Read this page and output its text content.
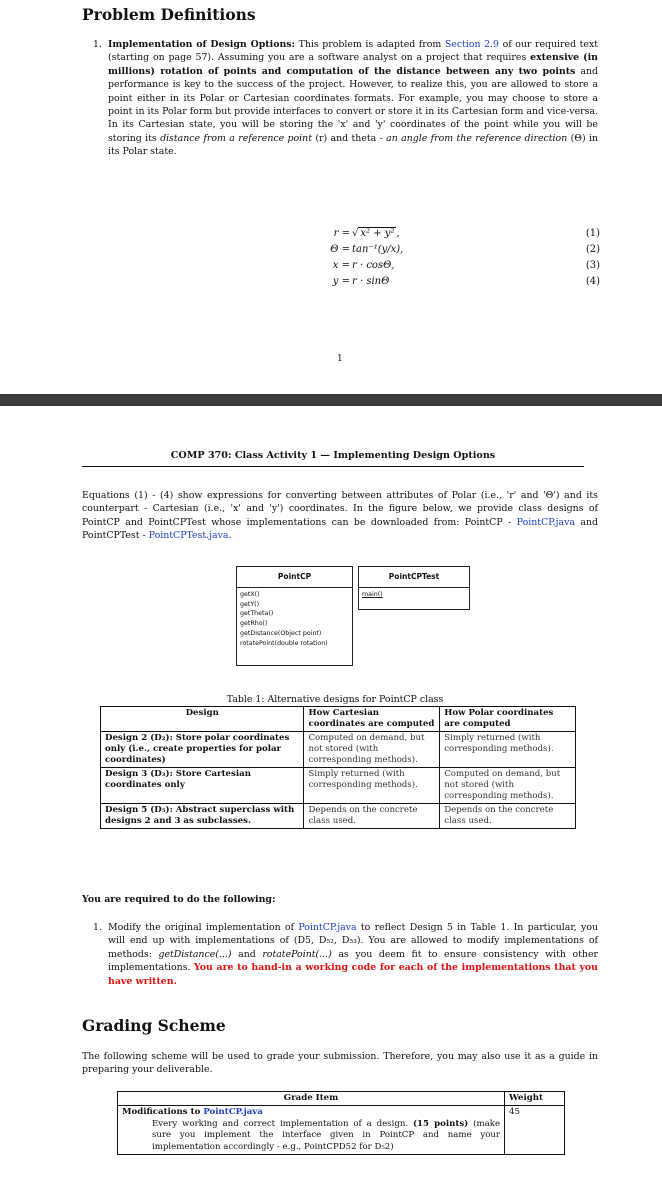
Problem Definitions
1. Implementation of Design Options: This problem is adapted from Section 2.9 of our required text (starting on page 57). Assuming you are a software analyst on a project that requires extensive (in millions) rotation of points and computation of the distance between any two points and performance is key to the success of the project. However, to realize this, you are allowed to store a point either in its Polar or Cartesian coordinates formats. For example, you may choose to store a point in its Polar form but provide interfaces to convert or store it in its Cartesian form and vice-versa. In its Cartesian state, you will be storing the 'x' and 'y' coordinates of the point while you will be storing its distance from a reference point (r) and theta - an angle from the reference direction (Θ) in its Polar state.
r = √ x² + y² ,	(1)
Θ = tan⁻¹(y/x),	(2)
x = r · cosΘ,	(3)
y = r · sinΘ	(4)
1
COMP 370: Class Activity 1 — Implementing Design Options
Equations (1) - (4) show expressions for converting between attributes of Polar (i.e., 'r' and 'Θ') and its counterpart - Cartesian (i.e., 'x' and 'y') coordinates. In the figure below, we provide class designs of PointCP and PointCPTest whose implementations can be downloaded from: PointCP - PointCP.java and PointCPTest - PointCPTest.java.
PointCP
getX()
getY()
getTheta()
getRho()
getDistance(Object point)
rotatePoint(double rotation)
PointCPTest
main()
Table 1: Alternative designs for PointCP class
Design	How Cartesian coordinates are computed	How Polar coordinates are computed
Design 2 (D₂): Store polar coordinates only (i.e., create properties for polar coordinates)	Computed on demand, but not stored (with corresponding methods).	Simply returned (with corresponding methods).
Design 3 (D₃): Store Cartesian coordinates only	Simply returned (with corresponding methods).	Computed on demand, but not stored (with corresponding methods).
Design 5 (D₅): Abstract superclass with designs 2 and 3 as subclasses.	Depends on the concrete class used.	Depends on the concrete class used.
You are required to do the following:
1. Modify the original implementation of PointCP.java to reflect Design 5 in Table 1. In particular, you will end up with implementations of (D5, D₅₂, D₅₃). You are allowed to modify implementations of methods: getDistance(...) and rotatePoint(...) as you deem fit to ensure consistency with other implementations. You are to hand-in a working code for each of the implementations that you have written.
Grading Scheme
The following scheme will be used to grade your submission. Therefore, you may also use it as a guide in preparing your deliverable.
Grade Item	Weight

Modifications to PointCP.java
Every working and correct implementation of a design. (15 points) (make sure you implement the interface given in PointCP and name your implementation accordingly - e.g., PointCPD52 for D₅2)	45
